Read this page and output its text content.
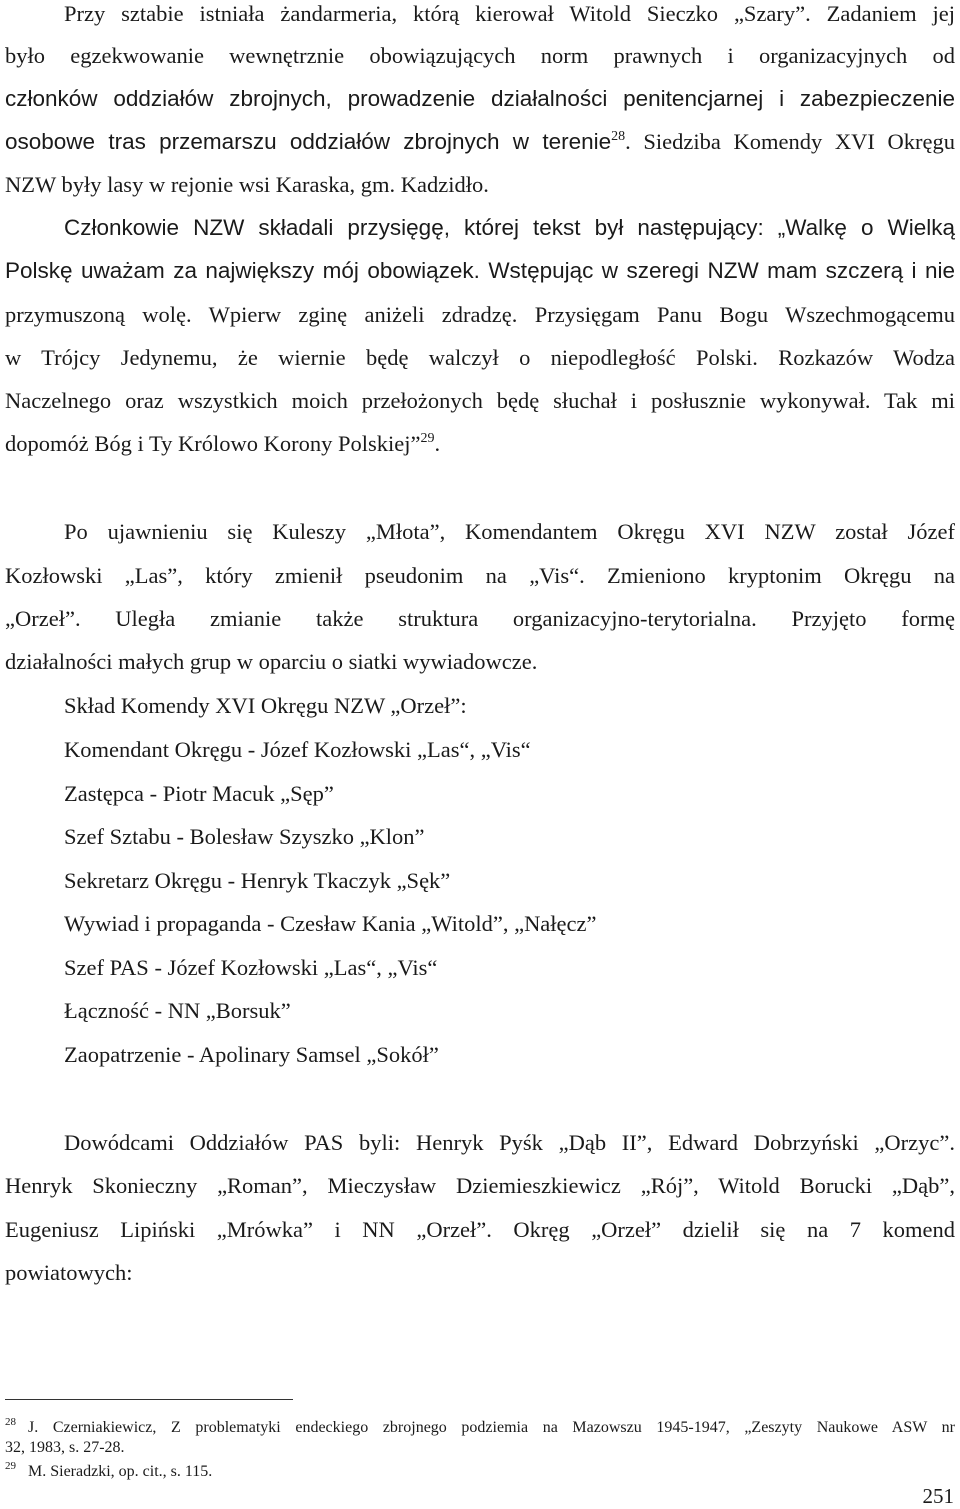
Przy sztabie istniała żandarmeria, którą kierował Witold Sieczko „Szary”. Zadaniem jej
było egzekwowanie wewnętrznie obowiązujących norm prawnych i organizacyjnych od
członków oddziałów zbrojnych, prowadzenie działalności penitencjarnej i zabezpieczenie
osobowe tras przemarszu oddziałów zbrojnych w terenie$^{28}$. Siedziba Komendy XVI Okręgu
NZW były lasy w rejonie wsi Karaska, gm. Kadzidło.
Członkowie NZW składali przysięgę, której tekst był następujący: „Walkę o Wielką
Polskę uważam za największy mój obowiązek. Wstępując w szeregi NZW mam szczerą i nie
przymuszoną wolę. Wpierw zginę aniżeli zdradzę. Przysięgam Panu Bogu Wszechmogącemu
w Trójcy Jedynemu, że wiernie będę walczył o niepodległość Polski. Rozkazów Wodza
Naczelnego oraz wszystkich moich przełożonych będę słuchał i posłusznie wykonywał. Tak mi
dopomóż Bóg i Ty Królowo Korony Polskiej”$^{29}$.
Po ujawnieniu się Kuleszy „Młota”, Komendantem Okręgu XVI NZW został Józef
Kozłowski „Las”, który zmienił pseudonim na „Vis“. Zmieniono kryptonim Okręgu na
„Orzeł”. Uległa zmianie także struktura organizacyjno-terytorialna. Przyjęto formę
działalności małych grup w oparciu o siatki wywiadowcze.
Skład Komendy XVI Okręgu NZW „Orzeł”:
Komendant Okręgu - Józef Kozłowski „Las“, „Vis“
Zastępca - Piotr Macuk „Sęp”
Szef Sztabu - Bolesław Szyszko „Klon”
Sekretarz Okręgu - Henryk Tkaczyk „Sęk”
Wywiad i propaganda - Czesław Kania „Witold”, „Nałęcz”
Szef PAS - Józef Kozłowski „Las“, „Vis“
Łączność - NN „Borsuk”
Zaopatrzenie - Apolinary Samsel „Sokół”
Dowódcami Oddziałów PAS byli: Henryk Pyśk „Dąb II”, Edward Dobrzyński „Orzyc”.
Henryk Skonieczny „Roman”, Mieczysław Dziemieszkiewicz „Rój”, Witold Borucki „Dąb”,
Eugeniusz Lipiński „Mrówka” i NN „Orzeł”. Okręg „Orzeł” dzielił się na 7 komend
powiatowych:
$^{28}$ J. Czerniakiewicz, Z problematyki endeckiego zbrojnego podziemia na Mazowszu 1945-1947, „Zeszyty Naukowe ASW nr
32, 1983, s. 27-28.
$^{29}$ M. Sieradzki, op. cit., s. 115.
251
